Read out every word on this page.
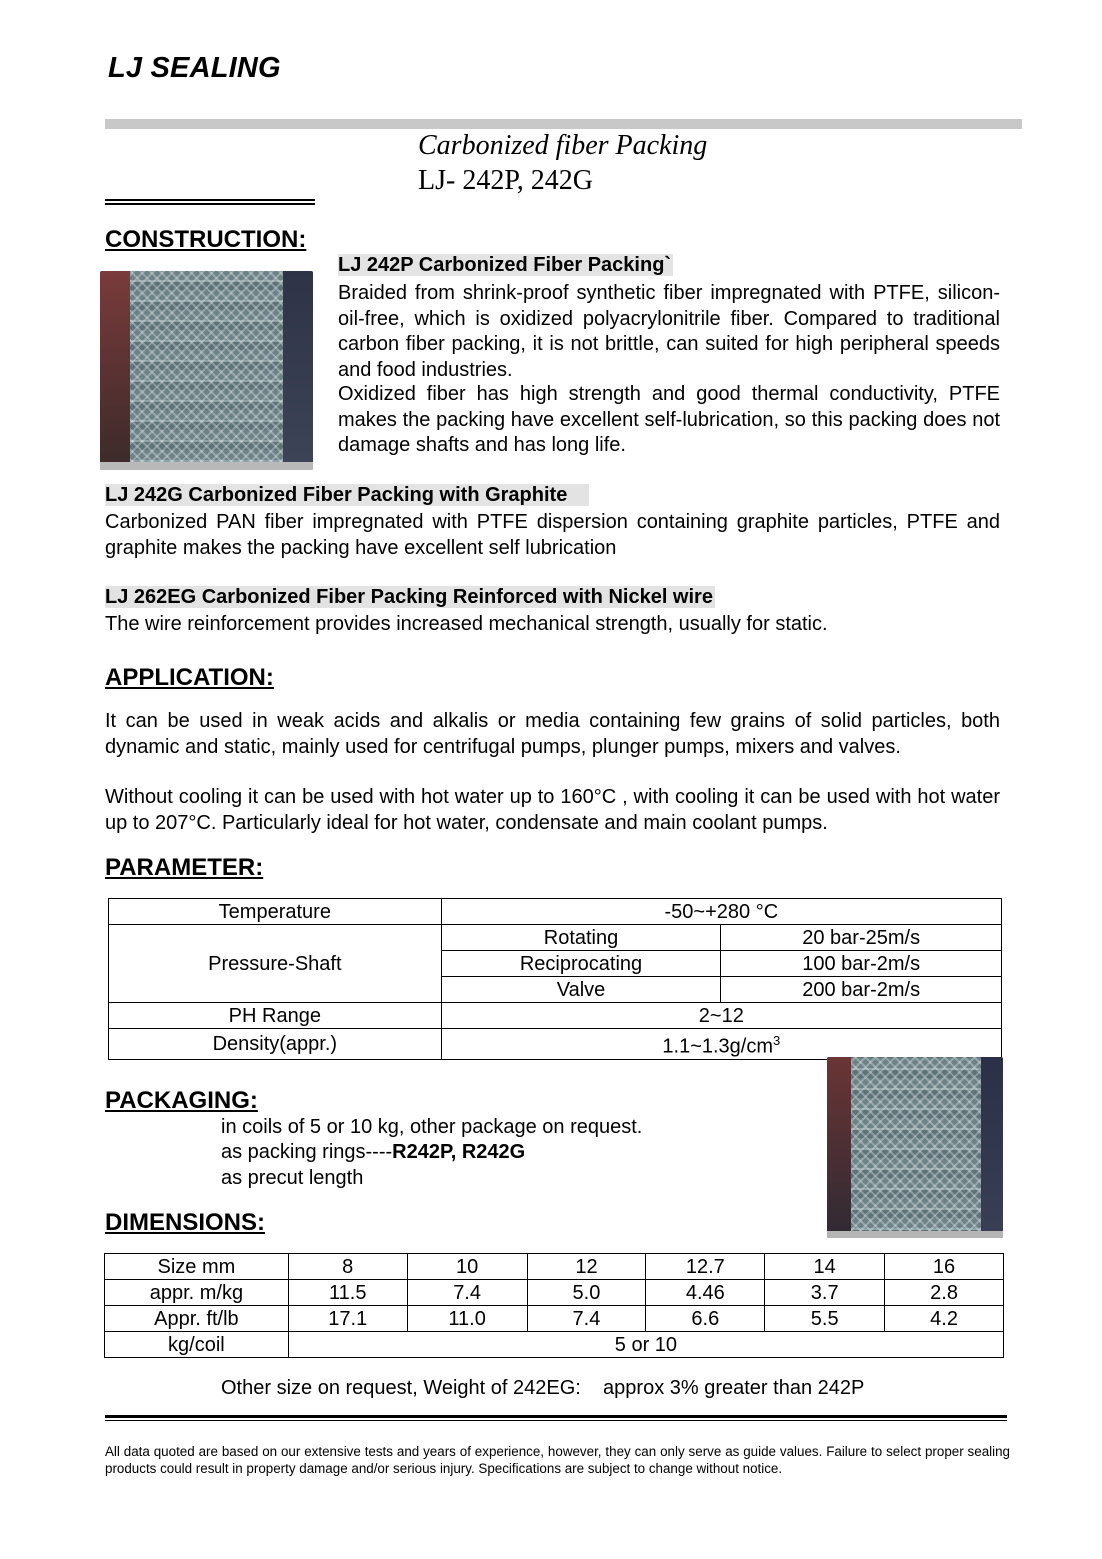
LJ SEALING
Carbonized fiber Packing
LJ- 242P, 242G
CONSTRUCTION:
LJ 242P Carbonized Fiber Packing`
Braided from shrink-proof synthetic fiber impregnated with PTFE, silicon-oil-free, which is oxidized polyacrylonitrile fiber. Compared to traditional carbon fiber packing, it is not brittle, can suited for high peripheral speeds and food industries.
Oxidized fiber has high strength and good thermal conductivity, PTFE makes the packing have excellent self-lubrication, so this packing does not damage shafts and has long life.
LJ 242G Carbonized Fiber Packing with Graphite
Carbonized PAN fiber impregnated with PTFE dispersion containing graphite particles, PTFE and graphite makes the packing have excellent self lubrication
LJ 262EG Carbonized Fiber Packing Reinforced with Nickel wire
The wire reinforcement provides increased mechanical strength, usually for static.
APPLICATION:
It can be used in weak acids and alkalis or media containing few grains of solid particles, both dynamic and static, mainly used for centrifugal pumps, plunger pumps, mixers and valves.
Without cooling it can be used with hot water up to 160°C , with cooling it can be used with hot water up to 207°C. Particularly ideal for hot water, condensate and main coolant pumps.
PARAMETER:
Temperature	-50~+280 °C	
Pressure-Shaft	Rotating	20 bar-25m/s
	Reciprocating	100 bar-2m/s
	Valve	200 bar-2m/s
PH Range	2~12	
Density(appr.)	$1.1\sim 1.3g/cm^3$
PACKAGING:
in coils of 5 or 10 kg, other package on request.
as packing rings----R242P, R242G
as precut length
DIMENSIONS:
Size mm	8	10	12	12.7	14	16
appr. m/kg	11.5	7.4	5.0	4.46	3.7	2.8
Appr. ft/lb	17.1	11.0	7.4	6.6	5.5	4.2
kg/coil	5 or 10					
Other size on request, Weight of 242EG:    approx 3% greater than 242P
All data quoted are based on our extensive tests and years of experience, however, they can only serve as guide values. Failure to select proper sealing products could result in property damage and/or serious injury. Specifications are subject to change without notice.
